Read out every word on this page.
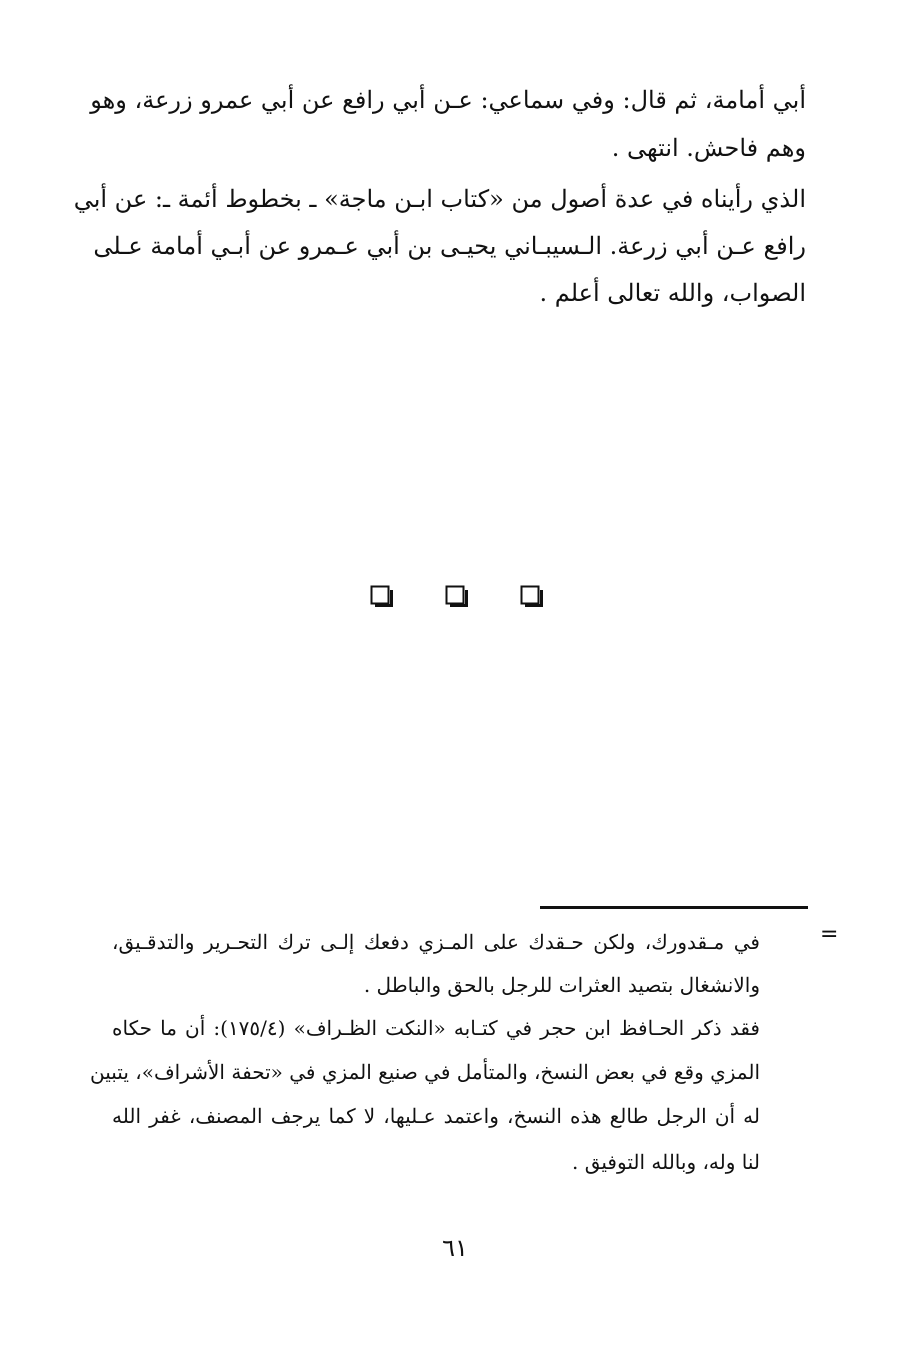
أبي أمامة، ثم قال: وفي سماعي: عـن أبي رافع عن أبي عمرو زرعة، وهو
وهم فاحش. انتهى .
الذي رأيناه في عدة أصول من «كتاب ابـن ماجة» ـ بخطوط أئمة ـ: عن أبي
رافع عـن أبي زرعة. الـسيبـاني يحيـى بن أبي عـمرو عن أبـي أمامة عـلى
الصواب، والله تعالى أعلم .
=
في مـقدورك، ولكن حـقدك على المـزي دفعك إلـى ترك التحـرير والتدقـيق،
والانشغال بتصيد العثرات للرجل بالحق والباطل .
فقد ذكر الحـافظ ابن حجر في كتـابه «النكت الظـراف» (١٧٥/٤): أن ما حكاه
المزي وقع في بعض النسخ، والمتأمل في صنيع المزي في «تحفة الأشراف»، يتبين
له أن الرجل طالع هذه النسخ، واعتمد عـليها، لا كما يرجف المصنف، غفر الله
لنا وله، وبالله التوفيق .
٦١
